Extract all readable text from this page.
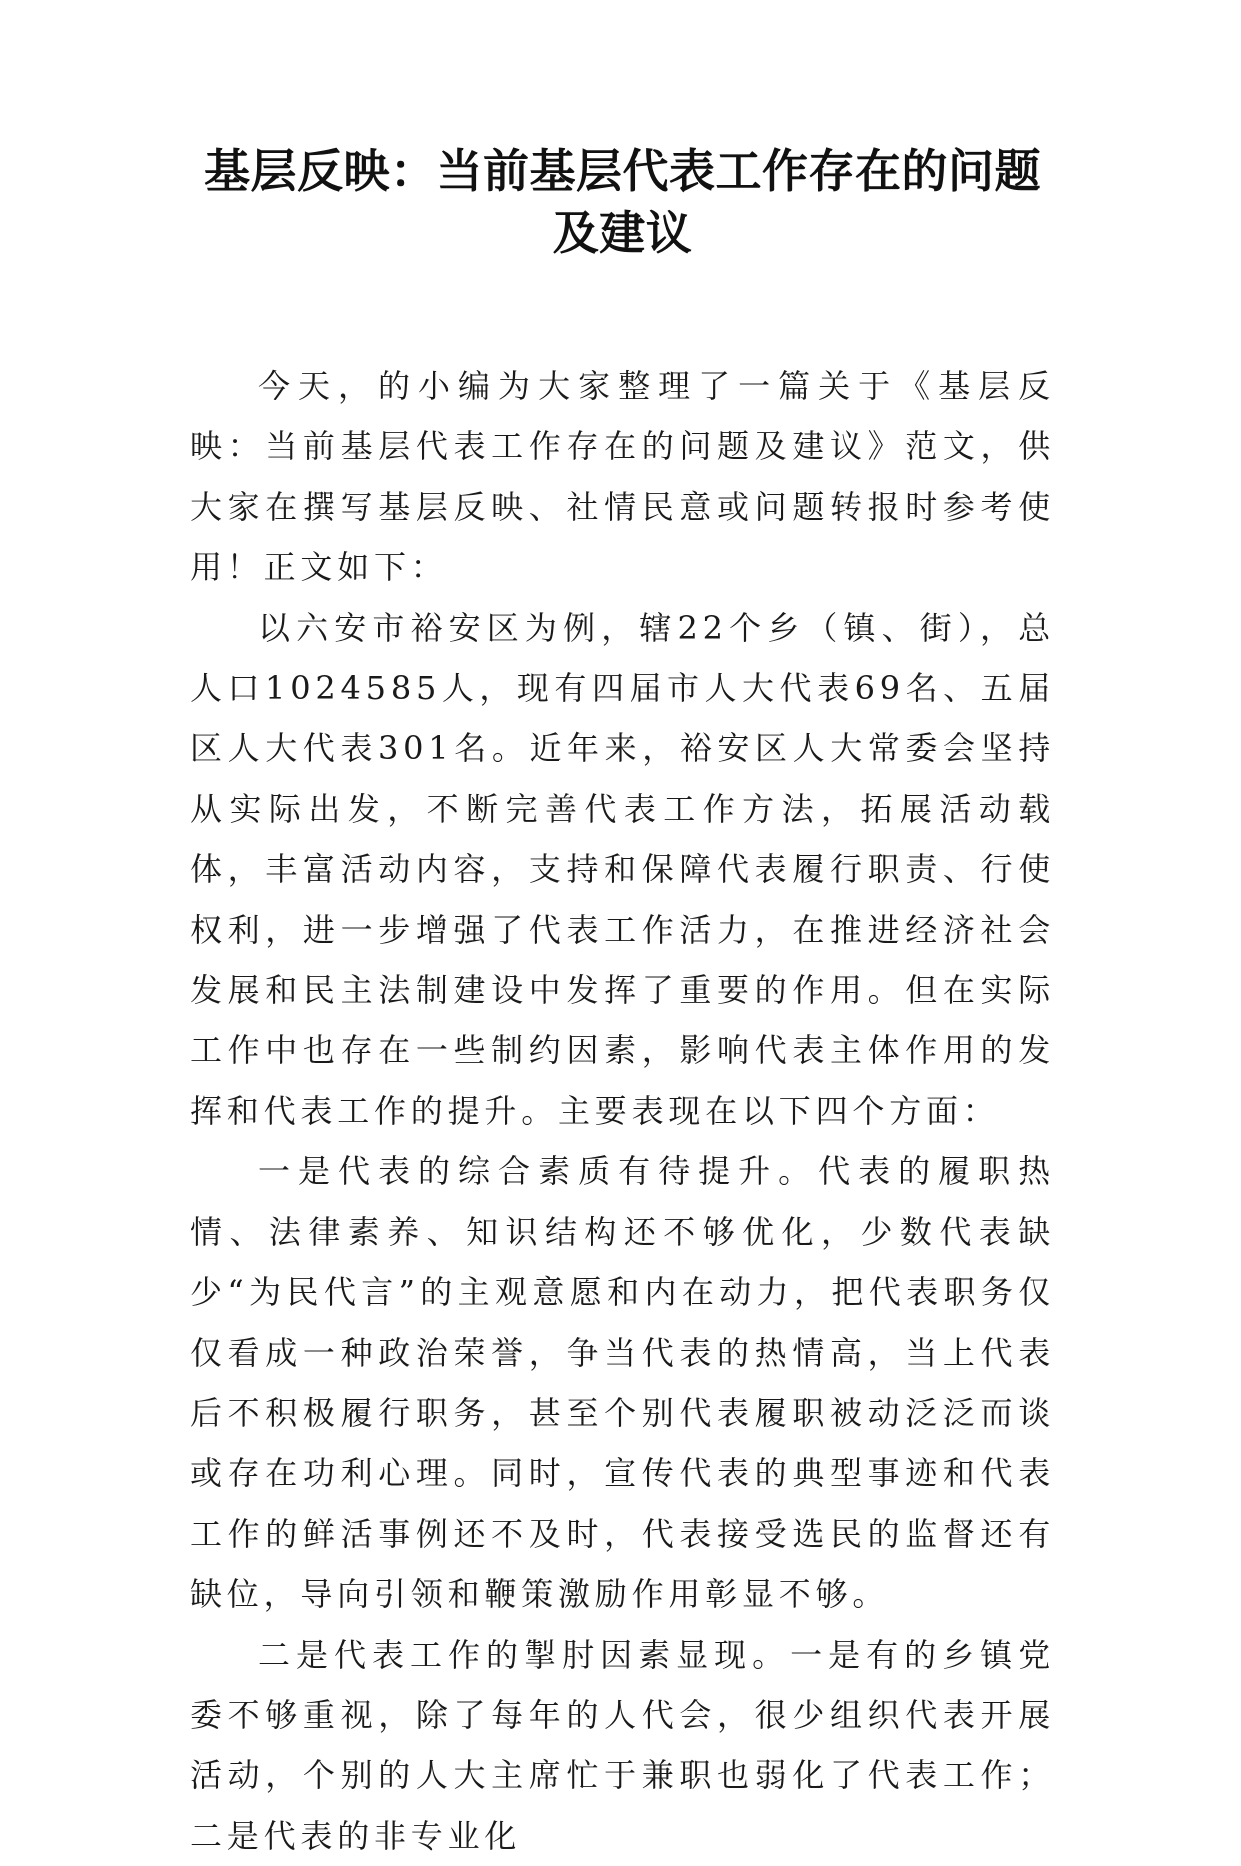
基层反映：当前基层代表工作存在的问题及建议

今天，的小编为大家整理了一篇关于《基层反映：当前基层代表工作存在的问题及建议》范文，供大家在撰写基层反映、社情民意或问题转报时参考使用！正文如下：

以六安市裕安区为例，辖22个乡（镇、街），总人口1024585人，现有四届市人大代表69名、五届区人大代表301名。近年来，裕安区人大常委会坚持从实际出发，不断完善代表工作方法，拓展活动载体，丰富活动内容，支持和保障代表履行职责、行使权利，进一步增强了代表工作活力，在推进经济社会发展和民主法制建设中发挥了重要的作用。但在实际工作中也存在一些制约因素，影响代表主体作用的发挥和代表工作的提升。主要表现在以下四个方面：

一是代表的综合素质有待提升。代表的履职热情、法律素养、知识结构还不够优化，少数代表缺少“为民代言”的主观意愿和内在动力，把代表职务仅仅看成一种政治荣誉，争当代表的热情高，当上代表后不积极履行职务，甚至个别代表履职被动泛泛而谈或存在功利心理。同时，宣传代表的典型事迹和代表工作的鲜活事例还不及时，代表接受选民的监督还有缺位，导向引领和鞭策激励作用彰显不够。

二是代表工作的掣肘因素显现。一是有的乡镇党委不够重视，除了每年的人代会，很少组织代表开展活动，个别的人大主席忙于兼职也弱化了代表工作；二是代表的非专业化
